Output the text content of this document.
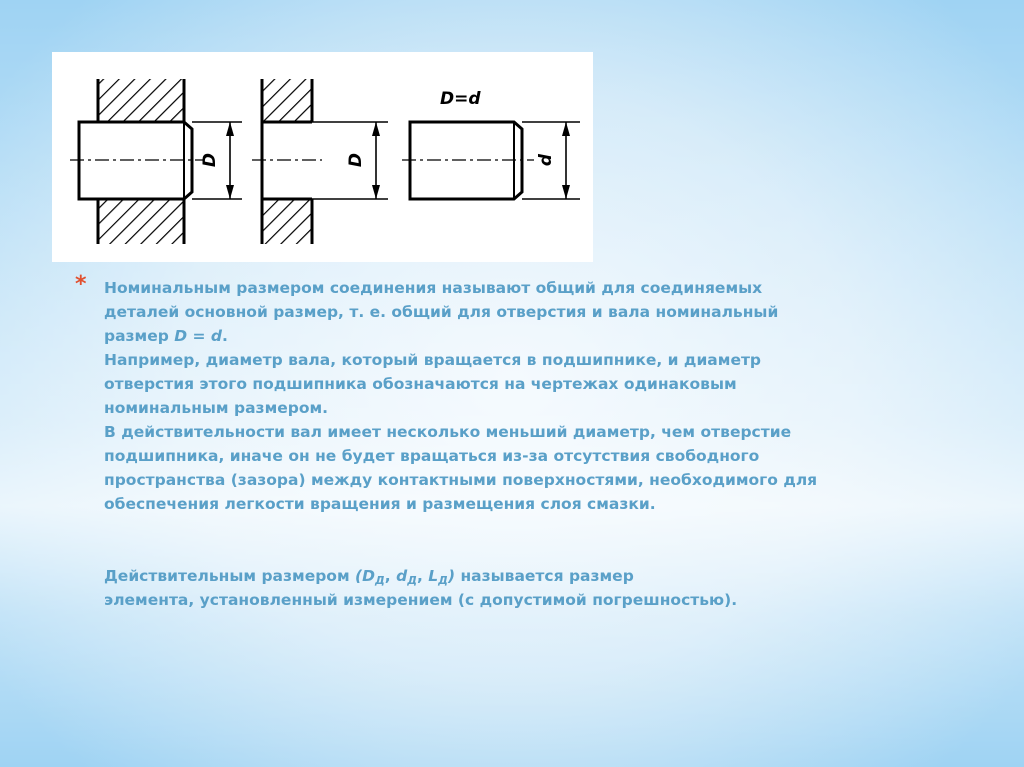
D	D
D=d
d
* Номинальным размером соединения называют общий для соединяемых
деталей основной размер, т. е. общий для отверстия и вала номинальный
размер D = d.
Например, диаметр вала, который вращается в подшипнике, и диаметр
отверстия этого подшипника обозначаются на чертежах одинаковым
номинальным размером.
В действительности вал имеет несколько меньший диаметр, чем отверстие
подшипника, иначе он не будет вращаться из-за отсутствия свободного
пространства (зазора) между контактными поверхностями, необходимого для
обеспечения легкости вращения и размещения слоя смазки.
Действительным размером ($D_Д$, $d_Д$, $L_Д$) называется размер
элемента, установленный измерением (с допустимой погрешностью).
